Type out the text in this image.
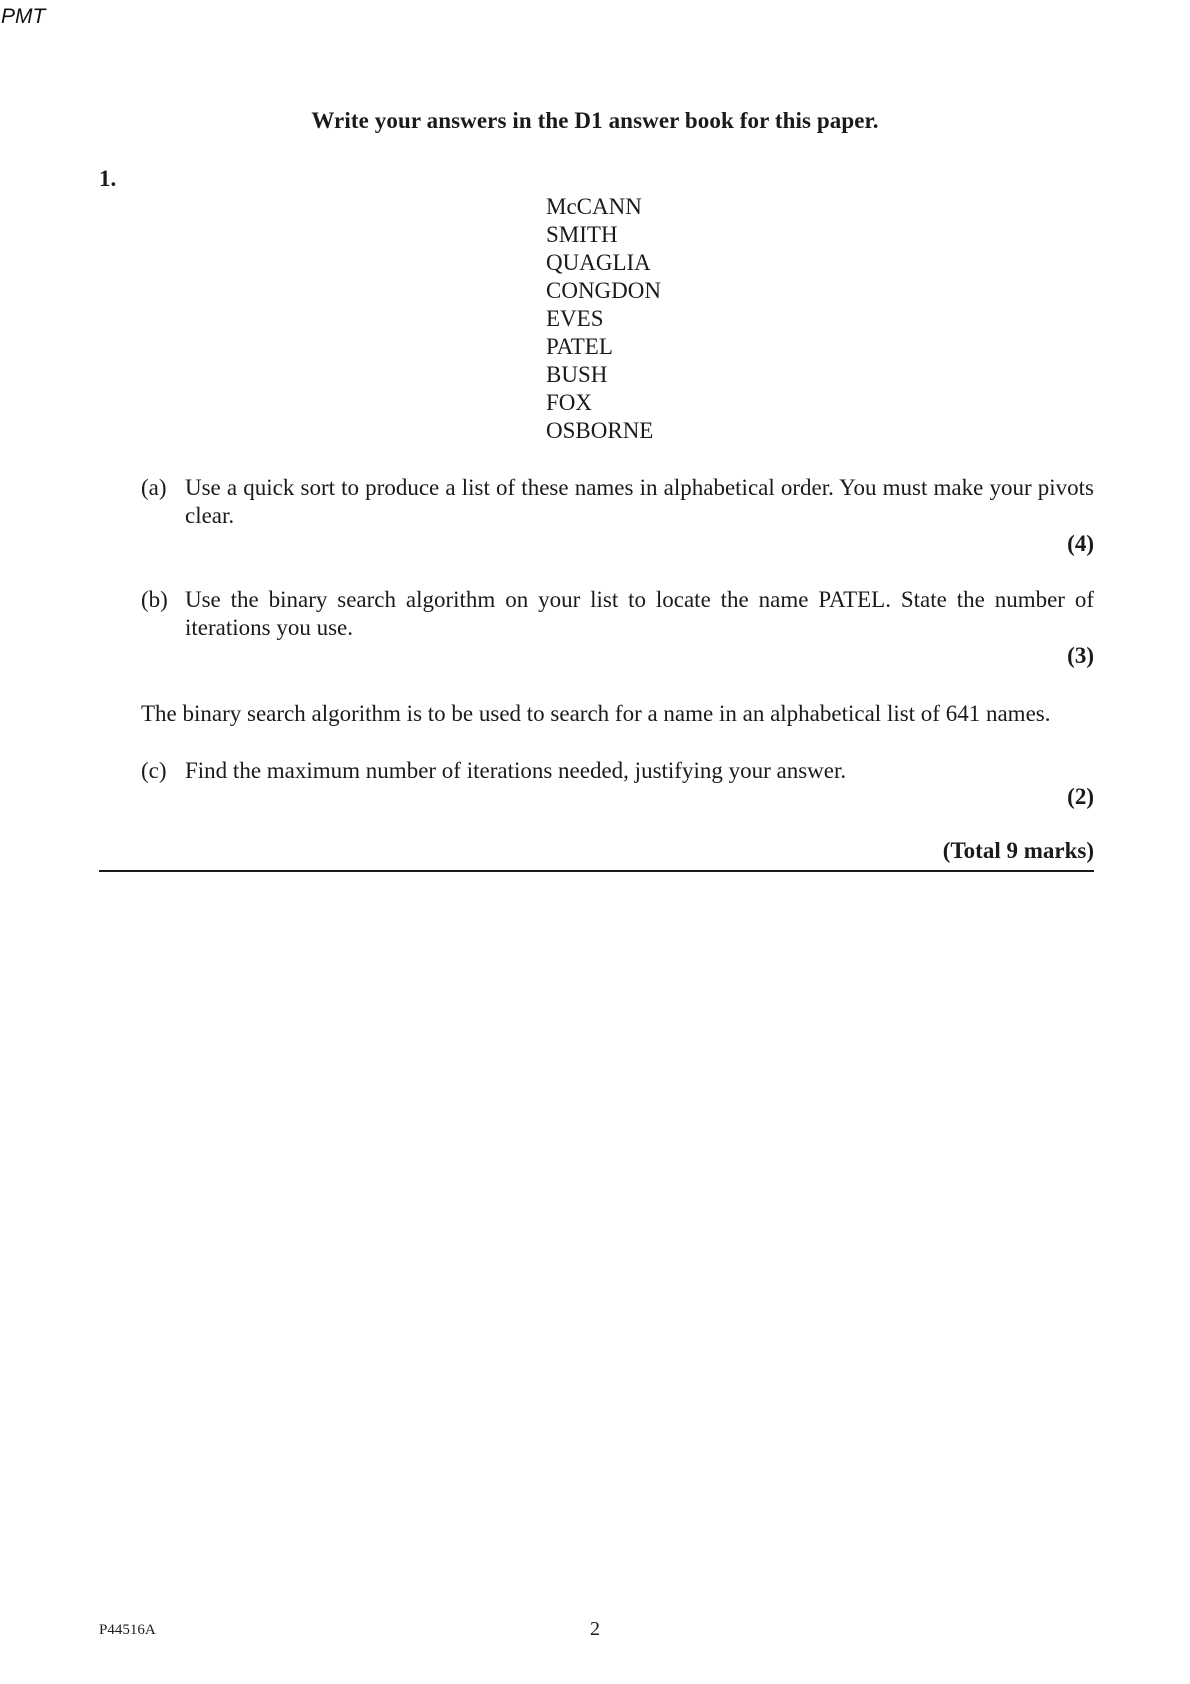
PMT
Write your answers in the D1 answer book for this paper.
1.
McCANN
SMITH
QUAGLIA
CONGDON
EVES
PATEL
BUSH
FOX
OSBORNE
(a) Use a quick sort to produce a list of these names in alphabetical order. You must make your pivots clear.
(4)
(b) Use the binary search algorithm on your list to locate the name PATEL. State the number of iterations you use.
(3)
The binary search algorithm is to be used to search for a name in an alphabetical list of 641 names.
(c) Find the maximum number of iterations needed, justifying your answer.
(2)
(Total 9 marks)
P44516A	2
